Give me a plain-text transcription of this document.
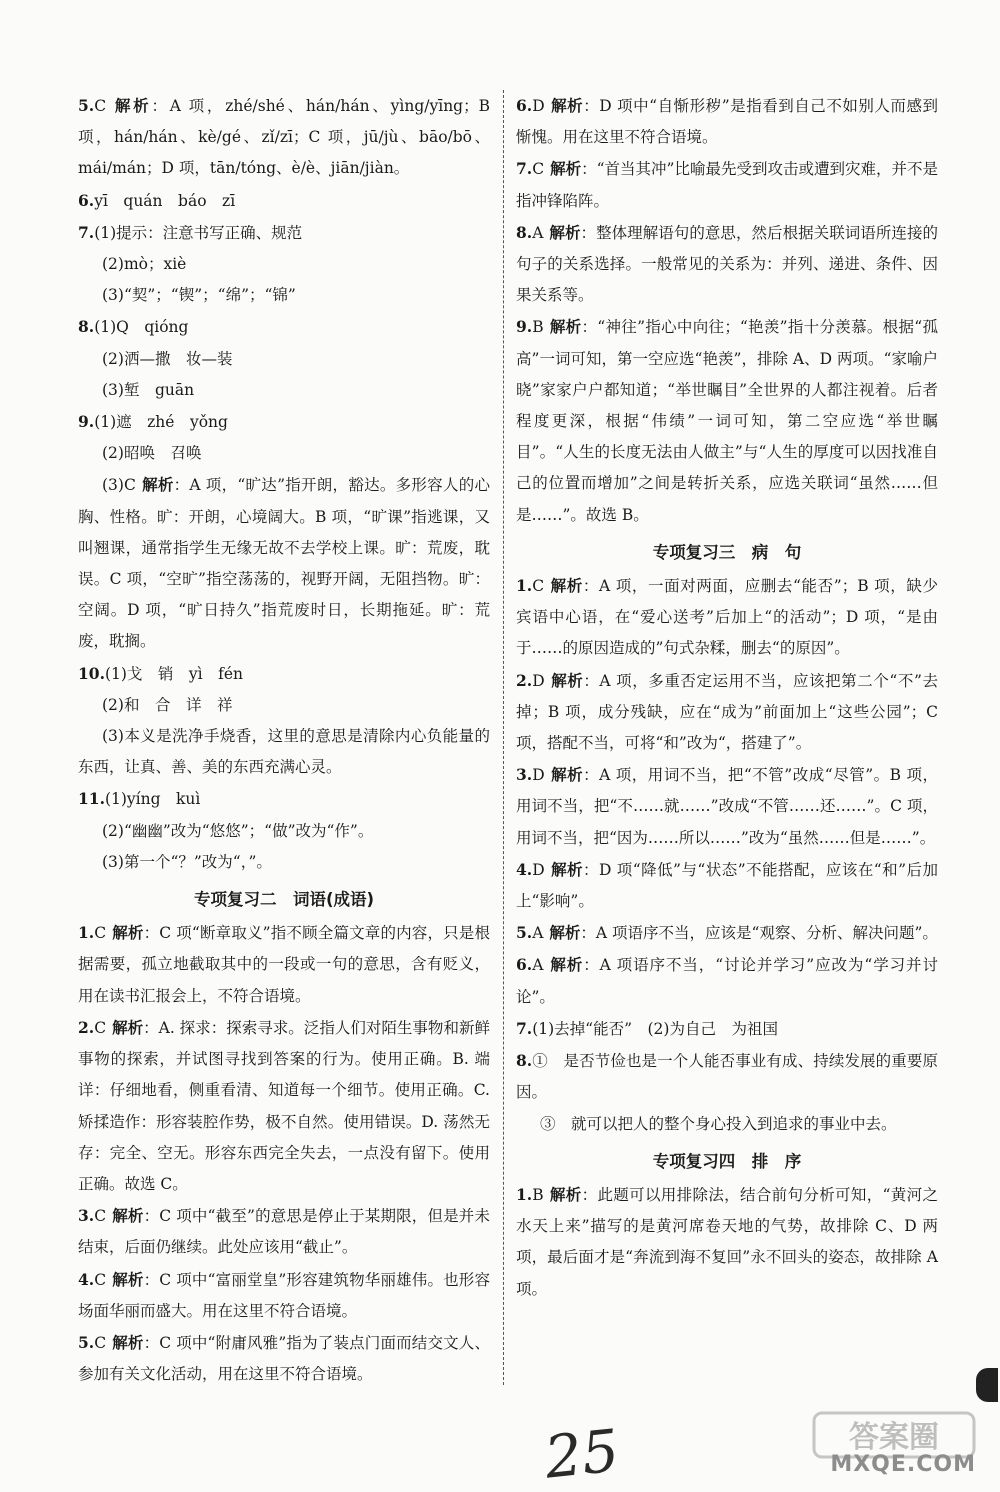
5.C 解析：A 项，zhé/shé、hán/hán、yìng/yīng；B 项，hán/hán、kè/gé、zǐ/zī；C 项，jū/jù、bāo/bō、mái/mán；D 项，tān/tóng、è/è、jiān/jiàn。

6.yī　quán　báo　zī

7.(1)提示：注意书写正确、规范

(2)mò；xiè

(3)“契”；“锲”；“绵”；“锦”

8.(1)Q　qióng

(2)洒—撒　妆—装

(3)堑　guān

9.(1)遮　zhé　yǒng

(2)昭唤　召唤

(3)C 解析：A 项，“旷达”指开朗，豁达。多形容人的心胸、性格。旷：开朗，心境阔大。B 项，“旷课”指逃课，又叫翘课，通常指学生无缘无故不去学校上课。旷：荒废，耽误。C 项，“空旷”指空荡荡的，视野开阔，无阻挡物。旷：空阔。D 项，“旷日持久”指荒废时日，长期拖延。旷：荒废，耽搁。

10.(1)戈　销　yì　fén

(2)和　合　详　祥

(3)本义是洗净手烧香，这里的意思是清除内心负能量的东西，让真、善、美的东西充满心灵。

11.(1)yíng　kuì

(2)“幽幽”改为“悠悠”；“做”改为“作”。

(3)第一个“？”改为“，”。

专项复习二　词语(成语)

1.C 解析：C 项“断章取义”指不顾全篇文章的内容，只是根据需要，孤立地截取其中的一段或一句的意思，含有贬义，用在读书汇报会上，不符合语境。

2.C 解析：A. 探求：探索寻求。泛指人们对陌生事物和新鲜事物的探索，并试图寻找到答案的行为。使用正确。B. 端详：仔细地看，侧重看清、知道每一个细节。使用正确。C. 矫揉造作：形容装腔作势，极不自然。使用错误。D. 荡然无存：完全、空无。形容东西完全失去，一点没有留下。使用正确。故选 C。

3.C 解析：C 项中“截至”的意思是停止于某期限，但是并未结束，后面仍继续。此处应该用“截止”。

4.C 解析：C 项中“富丽堂皇”形容建筑物华丽雄伟。也形容场面华丽而盛大。用在这里不符合语境。

5.C 解析：C 项中“附庸风雅”指为了装点门面而结交文人、参加有关文化活动，用在这里不符合语境。

6.D 解析：D 项中“自惭形秽”是指看到自己不如别人而感到惭愧。用在这里不符合语境。

7.C 解析：“首当其冲”比喻最先受到攻击或遭到灾难，并不是指冲锋陷阵。

8.A 解析：整体理解语句的意思，然后根据关联词语所连接的句子的关系选择。一般常见的关系为：并列、递进、条件、因果关系等。

9.B 解析：“神往”指心中向往；“艳羡”指十分羡慕。根据“孤高”一词可知，第一空应选“艳羡”，排除 A、D 两项。“家喻户晓”家家户户都知道；“举世瞩目”全世界的人都注视着。后者程度更深，根据“伟绩”一词可知，第二空应选“举世瞩目”。“人生的长度无法由人做主”与“人生的厚度可以因找准自己的位置而增加”之间是转折关系，应选关联词“虽然……但是……”。故选 B。

专项复习三　病　句

1.C 解析：A 项，一面对两面，应删去“能否”；B 项，缺少宾语中心语，在“爱心送考”后加上“的活动”；D 项，“是由于……的原因造成的”句式杂糅，删去“的原因”。

2.D 解析：A 项，多重否定运用不当，应该把第二个“不”去掉；B 项，成分残缺，应在“成为”前面加上“这些公园”；C 项，搭配不当，可将“和”改为“，搭建了”。

3.D 解析：A 项，用词不当，把“不管”改成“尽管”。B 项，用词不当，把“不……就……”改成“不管……还……”。C 项，用词不当，把“因为……所以……”改为“虽然……但是……”。

4.D 解析：D 项“降低”与“状态”不能搭配，应该在“和”后加上“影响”。

5.A 解析：A 项语序不当，应该是“观察、分析、解决问题”。

6.A 解析：A 项语序不当，“讨论并学习”应改为“学习并讨论”。

7.(1)去掉“能否”　(2)为自己　为祖国

8.①　是否节俭也是一个人能否事业有成、持续发展的重要原因。

③　就可以把人的整个身心投入到追求的事业中去。

专项复习四　排　序

1.B 解析：此题可以用排除法，结合前句分析可知，“黄河之水天上来”描写的是黄河席卷天地的气势，故排除 C、D 两项，最后面才是“奔流到海不复回”永不回头的姿态，故排除 A 项。

25	答案圈
MXQE.COM
